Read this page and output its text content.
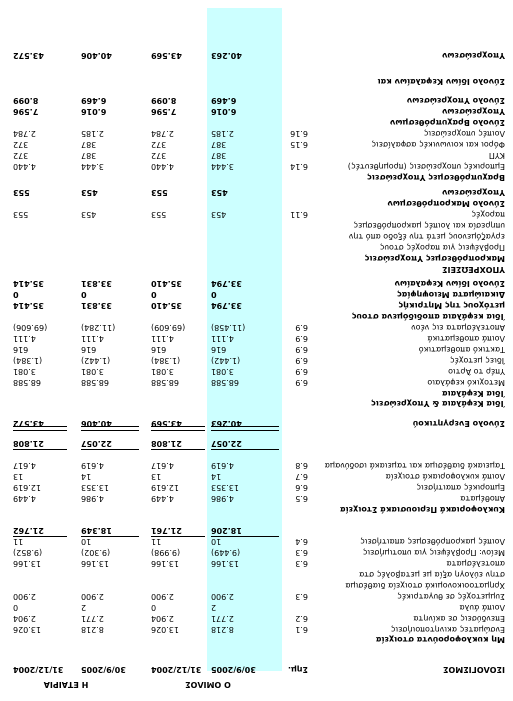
ΙΣΟΛΟΓΙΣΜΟΣ
Σημ.
30/9/2005
31/12/2004
30/9/2005
31/12/2004
Ο ΟΜΙΛΟΣ
Η ΕΤΑΙΡΙΑ
Μη κυκλοφορούντα στοιχεία
Ενσώματες ακινητοποιήσεις
6.1
8.218
13.026
8.218
13.026
Επενδύσεις σε ακίνητα
6.2
2.771
2.904
2.771
2.904
Λοιπά άυλα
2
0
2
0
Συμμετοχές σε θυγατρικές
6.3
2.900
2.900
2.900
2.900
Χρηματοοικονομικά στοιχεία διαθέσιμα
στην εύλογη αξία με μεταβολές στα
αποτελέσματα
6.3
13.166
13.166
13.166
13.166
Μείον: Προβλέψεις για υποτιμήσεις
6.3
(9.449)
(9.998)
(9.302)
(9.852)
Λοιπές μακροπρόθεσμες απαιτήσεις
6.4
10
11
10
11
18.206
21.761
18.349
21.762
Κυκλοφοριακά Περιουσιακά Στοιχεία
Αποθέματα
6.5
4.986
4.449
4.986
4.449
Εμπορικές απαιτήσεις
6.6
13.353
12.619
13.353
12.619
Λοιπά κυκλοφοριακά στοιχεία
6.7
14
13
14
13
Ταμειακά διαθέσιμα και ταμειακά ισοδύναμα
6.8
4.619
4.617
4.619
4.617
22.057
21.808
22.057
21.808
Σύνολο Ενεργητικού
40.263
43.569
40.406
43.572
Ίδια Κεφάλαια & Υποχρεώσεις
Ίδια Κεφάλαια
Μετοχικό κεφάλαιο
6.9
68.588
68.588
68.588
68.588
Υπέρ το Άρτιο
6.9
3.081
3.081
3.081
3.081
Ίδιες μετοχές
6.9
(1.442)
(1.384)
(1.442)
(1.384)
Τακτικό αποθεματικό
6.9
616
616
616
616
Λοιπά αποθεματικά
6.9
4.111
4.111
4.111
4.111
Αποτελέσματα εις νέον
6.9
(11.458)
(69.609)
(11.284)
(69.606)
Ίδια κεφάλαια αποδιδόμενα στους
μετόχους της Μητρικής
33.794
35.410
33.831
35.414
Δικαιώματα Μειοψηφίας
0
0
0
0
Σύνολο Ιδίων Κεφαλαίων
33.794
35.410
33.831
35.414
ΥΠΟΧΡΕΩΣΕΙΣ
Μακροπρόθεσμες Υποχρεώσεις
Προβλέψεις για παροχές στους
εργαζόμενους μετά την έξοδο από την
υπηρεσία και λοιπές μακροπρόθεσμες
παροχές
6.11
453
553
453
553
Σύνολο Μακροπρόθεσμων
Υποχρεώσεων
453
553
453
553
Βραχυπρόθεσμες Υποχρεώσεις
Εμπορικές υποχρεώσεις (προμηθευτές)
6.14
3.444
4.440
3.444
4.440
ΚΥΠ
387
372
387
372
Φόροι και κοινωνικές ασφαλίσεις
6.15
387
372
387
372
Λοιπές υποχρεώσεις
6.16
2.185
2.784
2.185
2.784
Σύνολο Βραχυπρόθεσμων
Υποχρεώσεων
6.016
7.596
6.016
7.596
Σύνολο Υποχρεώσεων
6.469
8.099
6.469
8.099
Σύνολο Ιδίων Κεφαλαίων και
Υποχρεώσεων
40.263
43.569
40.406
43.572
